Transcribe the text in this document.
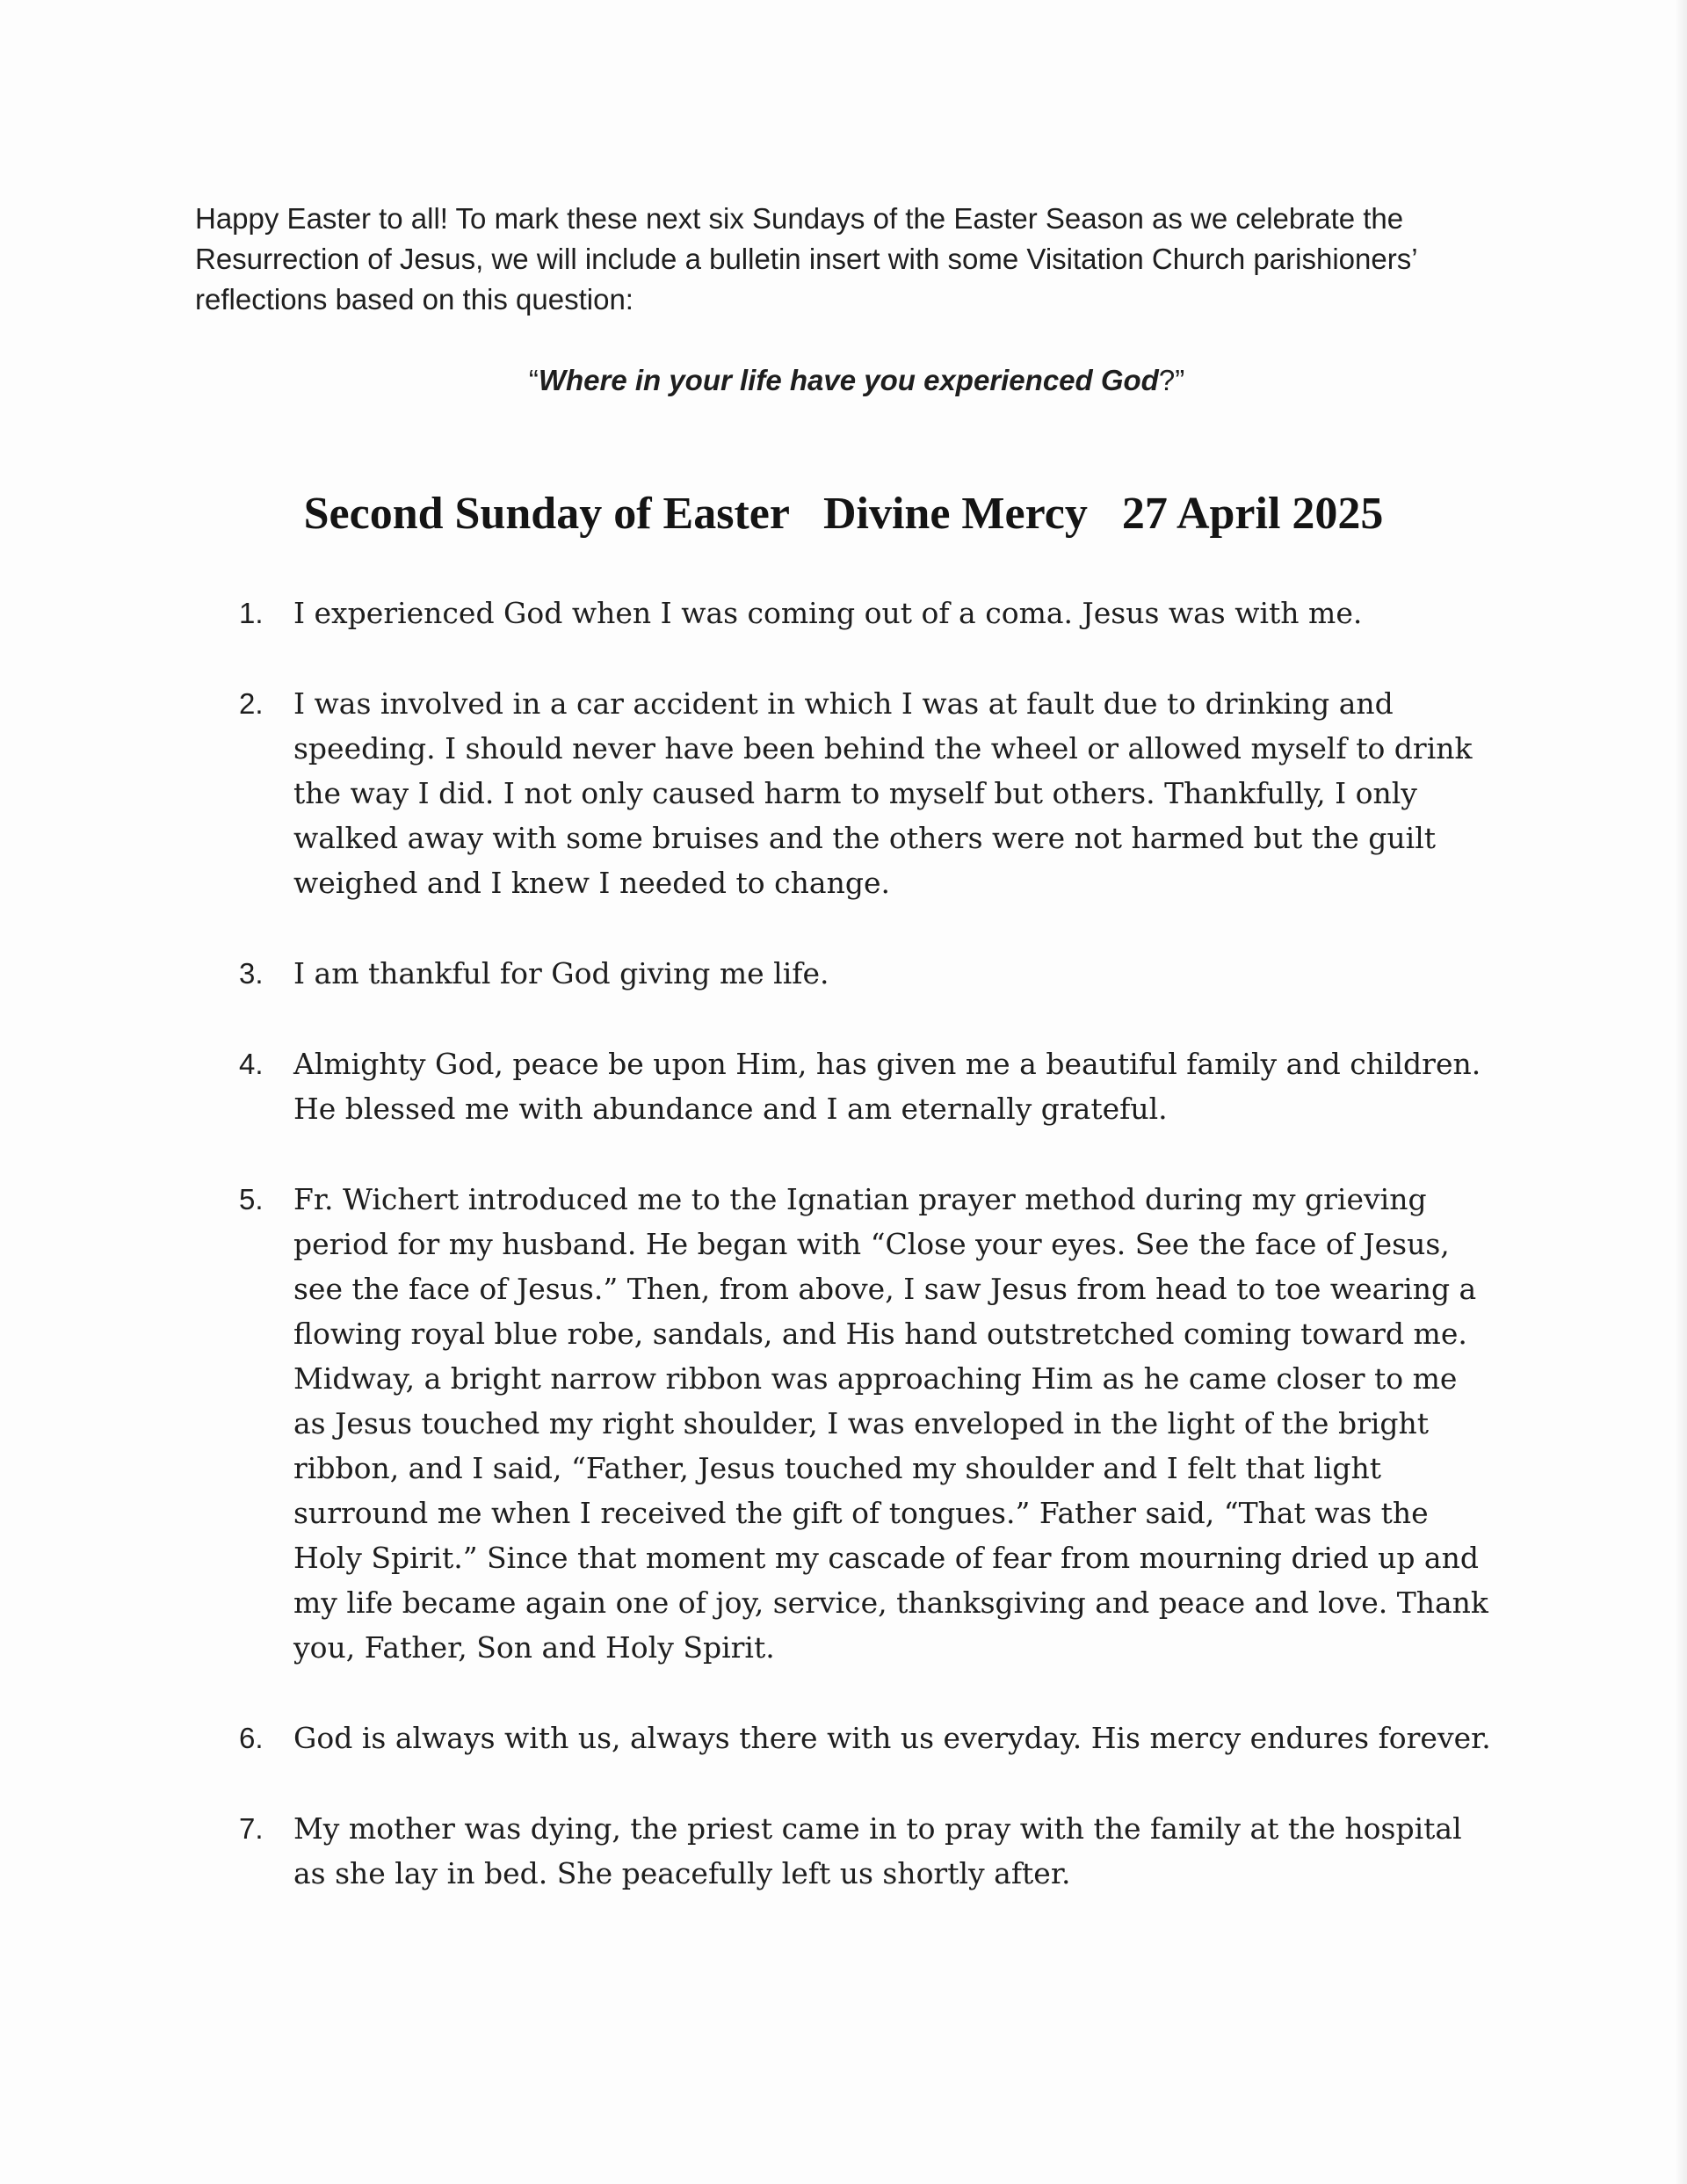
Happy Easter to all! To mark these next six Sundays of the Easter Season as we celebrate the Resurrection of Jesus, we will include a bulletin insert with some Visitation Church parishioners’ reflections based on this question:

“Where in your life have you experienced God?”
Second Sunday of Easter Divine Mercy 27 April 2025
1.	I experienced God when I was coming out of a coma. Jesus was with me.
2.	I was involved in a car accident in which I was at fault due to drinking and speeding. I should never have been behind the wheel or allowed myself to drink the way I did. I not only caused harm to myself but others. Thankfully, I only walked away with some bruises and the others were not harmed but the guilt weighed and I knew I needed to change.
3.	I am thankful for God giving me life.
4.	Almighty God, peace be upon Him, has given me a beautiful family and children. He blessed me with abundance and I am eternally grateful.
5.	Fr. Wichert introduced me to the Ignatian prayer method during my grieving period for my husband. He began with “Close your eyes. See the face of Jesus, see the face of Jesus.” Then, from above, I saw Jesus from head to toe wearing a flowing royal blue robe, sandals, and His hand outstretched coming toward me. Midway, a bright narrow ribbon was approaching Him as he came closer to me as Jesus touched my right shoulder, I was enveloped in the light of the bright ribbon, and I said, “Father, Jesus touched my shoulder and I felt that light surround me when I received the gift of tongues.” Father said, “That was the Holy Spirit.” Since that moment my cascade of fear from mourning dried up and my life became again one of joy, service, thanksgiving and peace and love. Thank you, Father, Son and Holy Spirit.
6.	God is always with us, always there with us everyday. His mercy endures forever.
7.	My mother was dying, the priest came in to pray with the family at the hospital as she lay in bed. She peacefully left us shortly after.
